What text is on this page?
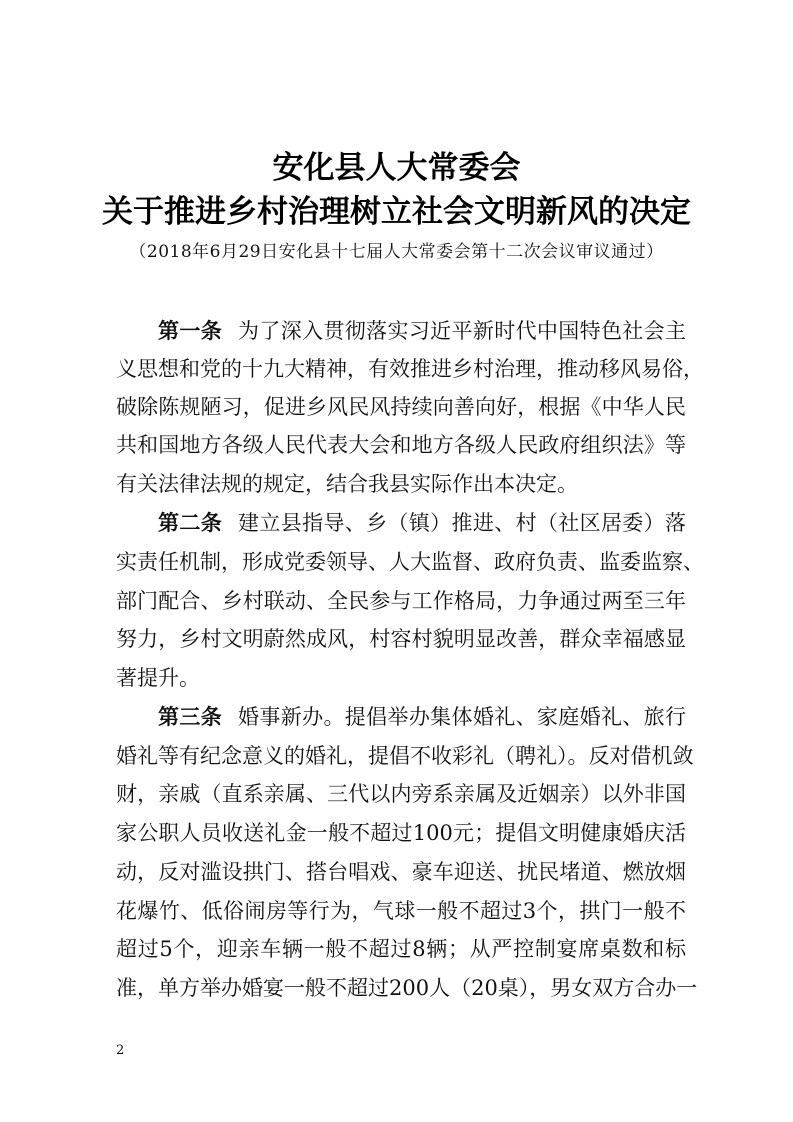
安化县人大常委会
关于推进乡村治理树立社会文明新风的决定
（2018年6月29日安化县十七届人大常委会第十二次会议审议通过）
第一条 为了深入贯彻落实习近平新时代中国特色社会主
义思想和党的十九大精神，有效推进乡村治理，推动移风易俗，
破除陈规陋习，促进乡风民风持续向善向好，根据《中华人民
共和国地方各级人民代表大会和地方各级人民政府组织法》等
有关法律法规的规定，结合我县实际作出本决定。
第二条 建立县指导、乡（镇）推进、村（社区居委）落
实责任机制，形成党委领导、人大监督、政府负责、监委监察、
部门配合、乡村联动、全民参与工作格局，力争通过两至三年
努力，乡村文明蔚然成风，村容村貌明显改善，群众幸福感显
著提升。
第三条 婚事新办。提倡举办集体婚礼、家庭婚礼、旅行
婚礼等有纪念意义的婚礼，提倡不收彩礼（聘礼）。反对借机敛
财，亲戚（直系亲属、三代以内旁系亲属及近姻亲）以外非国
家公职人员收送礼金一般不超过100元；提倡文明健康婚庆活
动，反对滥设拱门、搭台唱戏、豪车迎送、扰民堵道、燃放烟
花爆竹、低俗闹房等行为，气球一般不超过3个，拱门一般不
超过5个，迎亲车辆一般不超过8辆；从严控制宴席桌数和标
准，单方举办婚宴一般不超过200人（20桌），男女双方合办一
2
